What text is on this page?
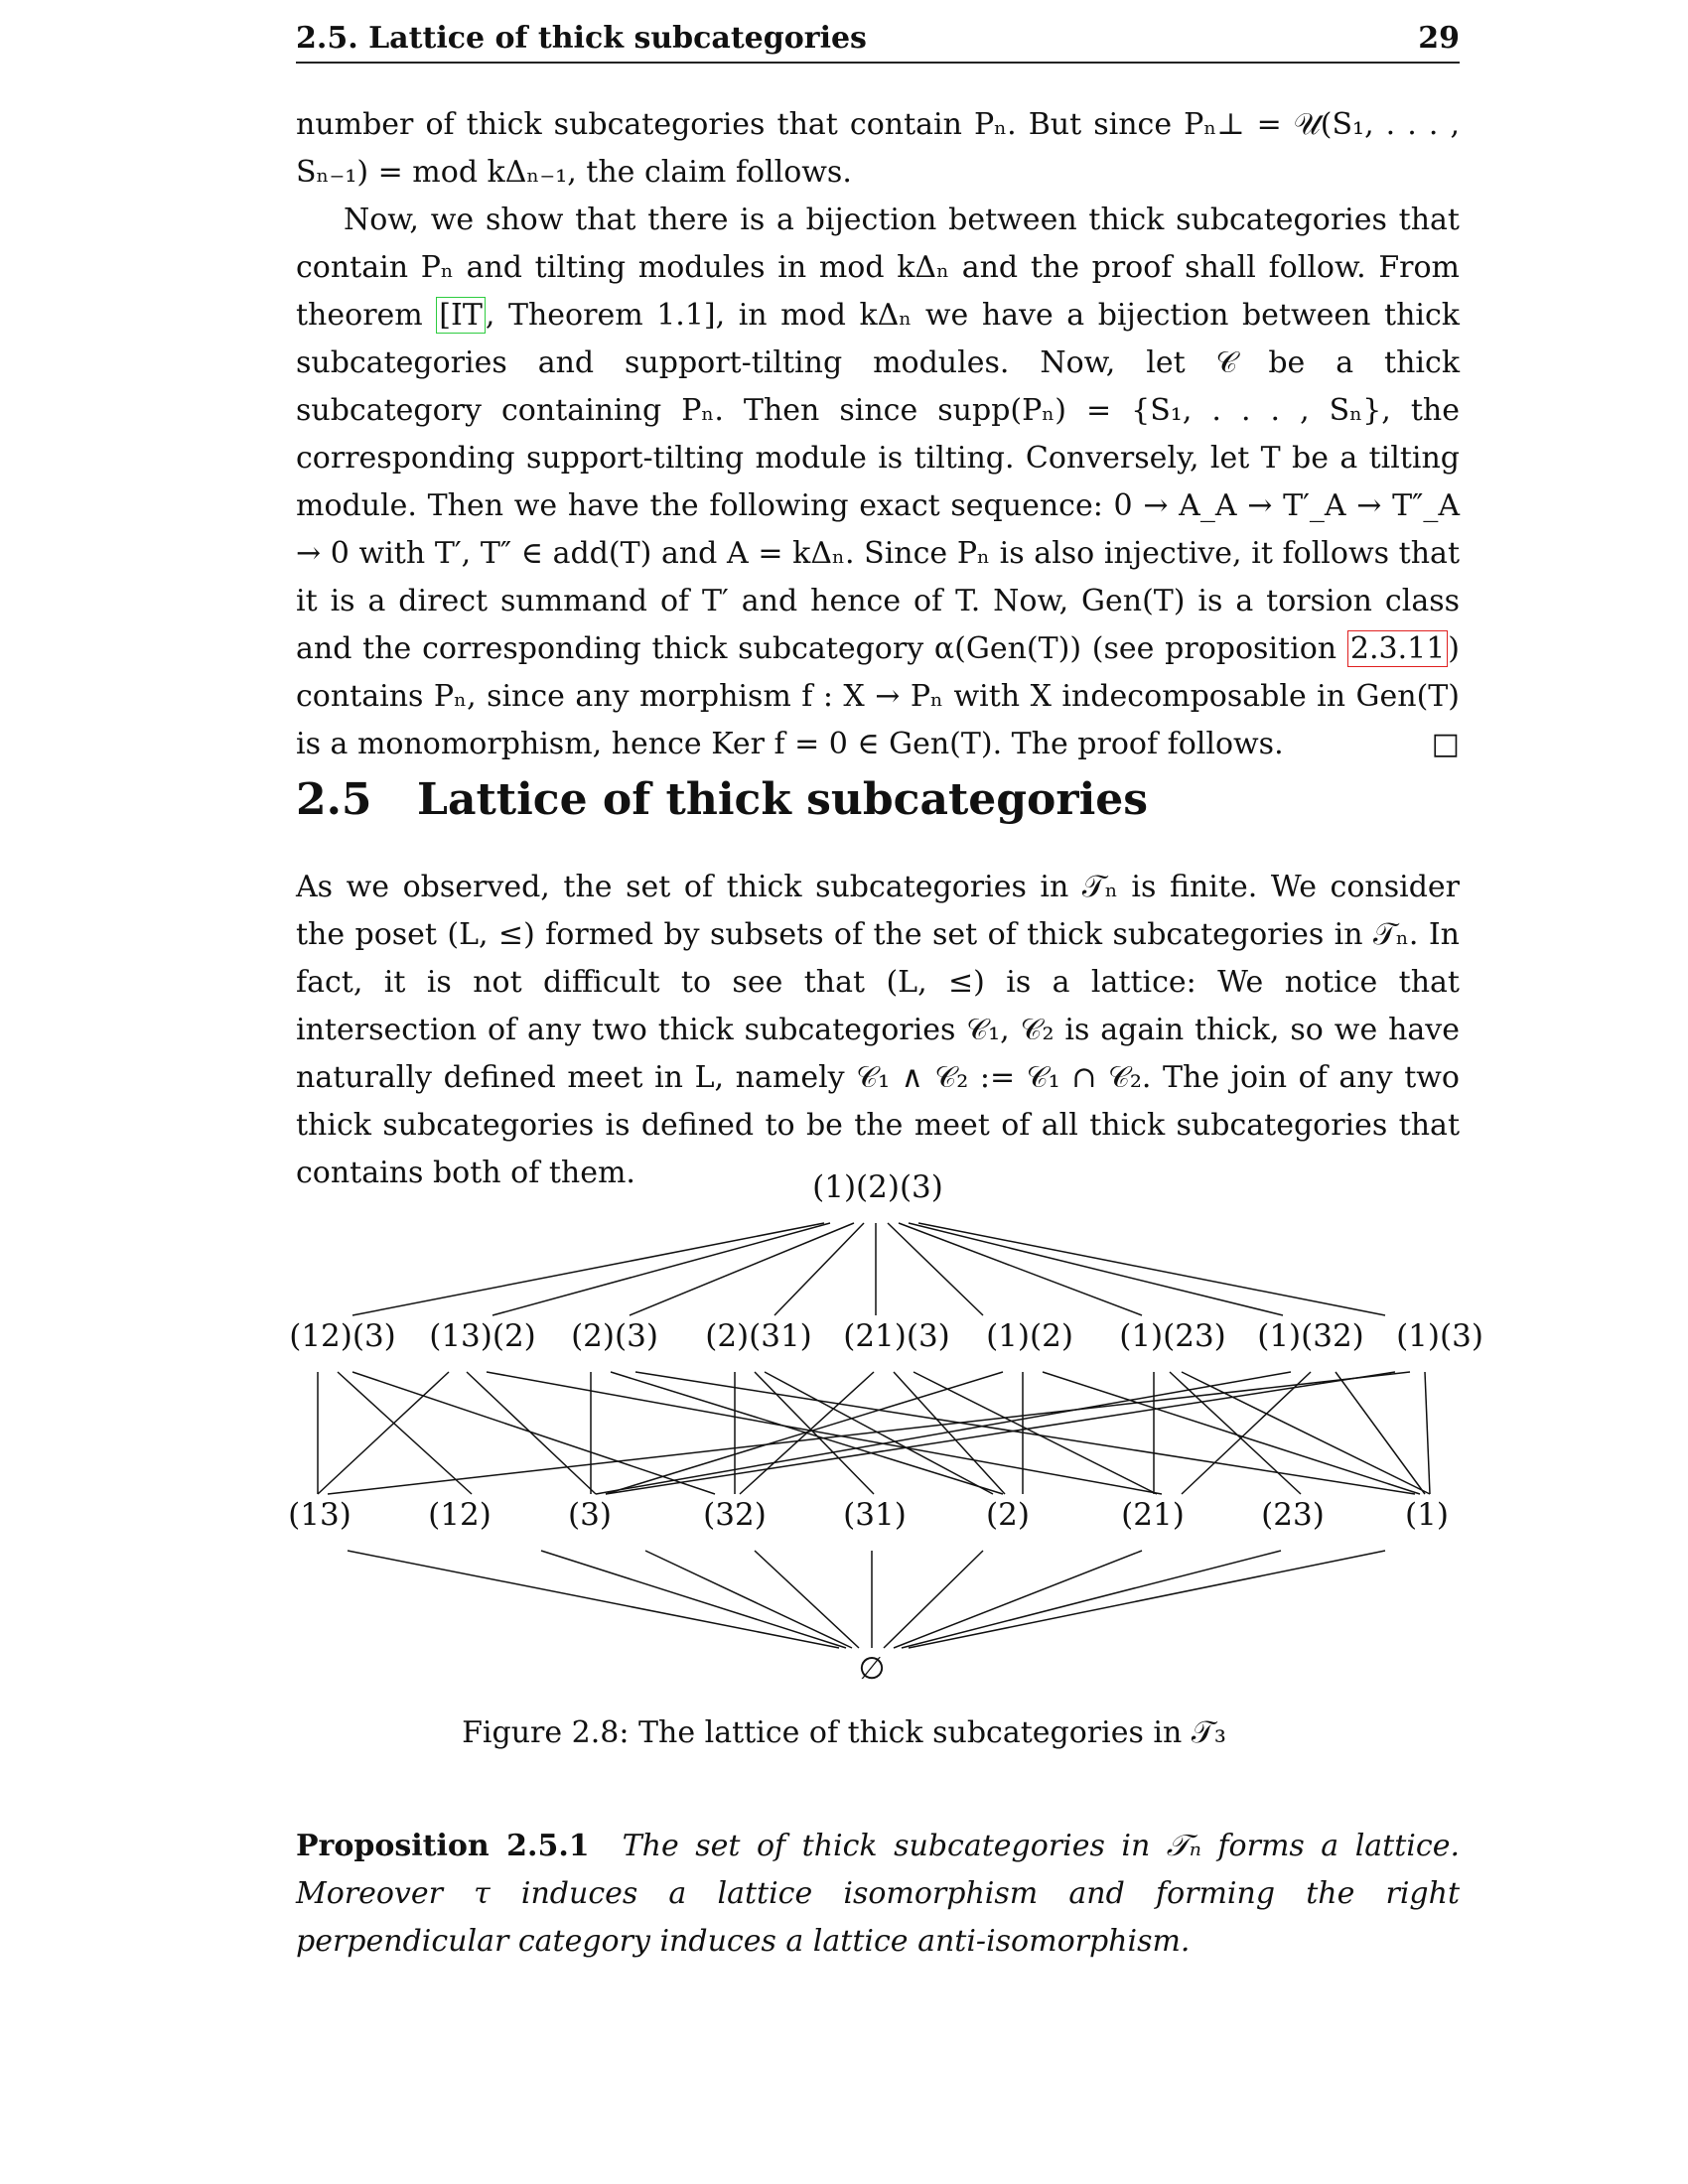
2.5. Lattice of thick subcategories	29

number of thick subcategories that contain Pₙ. But since Pₙ⊥ = 𝒰(S₁, . . . , Sₙ₋₁) = mod kΔₙ₋₁, the claim follows.

Now, we show that there is a bijection between thick subcategories that contain Pₙ and tilting modules in mod kΔₙ and the proof shall follow. From theorem [IT , Theorem 1.1], in mod kΔₙ we have a bijection between thick subcategories and support-tilting modules. Now, let 𝒞 be a thick subcategory containing Pₙ. Then since supp(Pₙ) = {S₁, . . . , Sₙ}, the corresponding support-tilting module is tilting. Conversely, let T be a tilting module. Then we have the following exact sequence: 0 → A_A → T′_A → T″_A → 0 with T′, T″ ∈ add(T) and A = kΔₙ. Since Pₙ is also injective, it follows that it is a direct summand of T′ and hence of T. Now, Gen(T) is a torsion class and the corresponding thick subcategory α(Gen(T)) (see proposition 2.3.11 ) contains Pₙ, since any morphism f : X → Pₙ with X indecomposable in Gen(T) is a monomorphism, hence Ker f = 0 ∈ Gen(T). The proof follows.	□

2.5 Lattice of thick subcategories

As we observed, the set of thick subcategories in 𝒯ₙ is finite. We consider the poset (L, ≤) formed by subsets of the set of thick subcategories in 𝒯ₙ. In fact, it is not difficult to see that (L, ≤) is a lattice: We notice that intersection of any two thick subcategories 𝒞₁, 𝒞₂ is again thick, so we have naturally defined meet in L, namely 𝒞₁ ∧ 𝒞₂ := 𝒞₁ ∩ 𝒞₂. The join of any two thick subcategories is defined to be the meet of all thick subcategories that contains both of them.	(1)(2)(3)
(12)(3) (13)(2) (2)(3) (2)(31) (21)(3) (1)(2) (1)(23) (1)(32) (1)(3)
(13) (12) (3)	(32) (31)	(2)	(21) (23)	(1)
∅
Figure 2.8: The lattice of thick subcategories in 𝒯₃
Proposition 2.5.1 The set of thick subcategories in 𝒯ₙ forms a lattice. Moreover τ induces a lattice isomorphism and forming the right perpendicular category induces a lattice anti-isomorphism.
